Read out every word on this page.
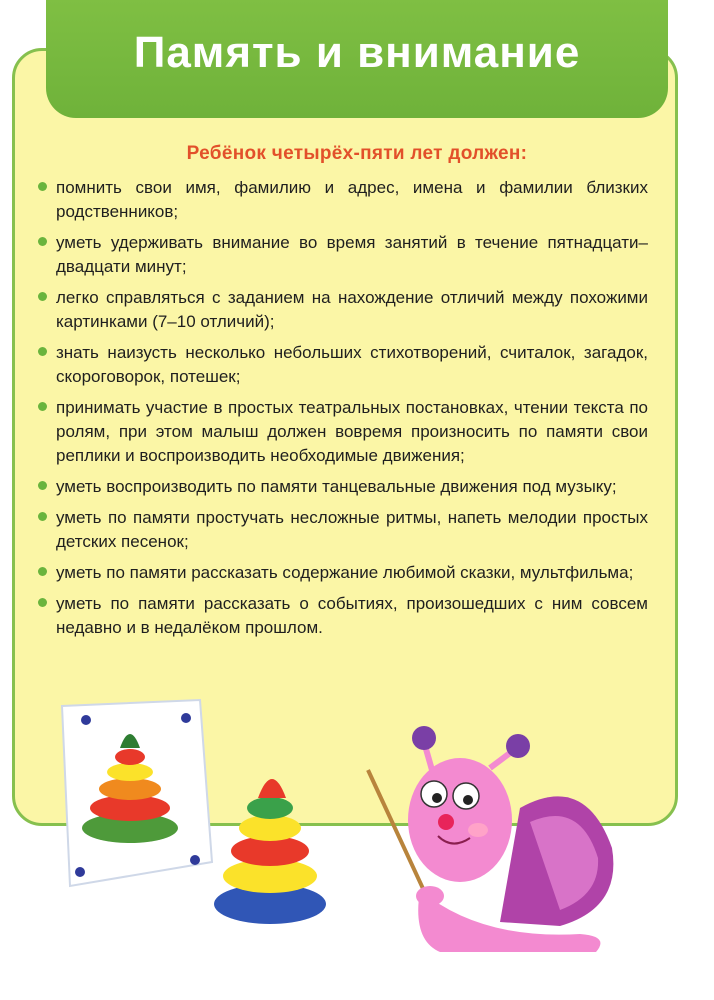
Память и внимание
Ребёнок четырёх-пяти лет должен:
помнить свои имя, фамилию и адрес, имена и фамилии близких родственников;
уметь удерживать внимание во время занятий в течение пятнадцати–двадцати минут;
легко справляться с заданием на нахождение отличий между похожими картинками (7–10 отличий);
знать наизусть несколько небольших стихотворений, считалок, загадок, скороговорок, потешек;
принимать участие в простых театральных постановках, чтении текста по ролям, при этом малыш должен вовремя произносить по памяти свои реплики и воспроизводить необходимые движения;
уметь воспроизводить по памяти танцевальные движения под музыку;
уметь по памяти простучать несложные ритмы, напеть мелодии простых детских песенок;
уметь по памяти рассказать содержание любимой сказки, мультфильма;
уметь по памяти рассказать о событиях, произошедших с ним совсем недавно и в недалёком прошлом.
